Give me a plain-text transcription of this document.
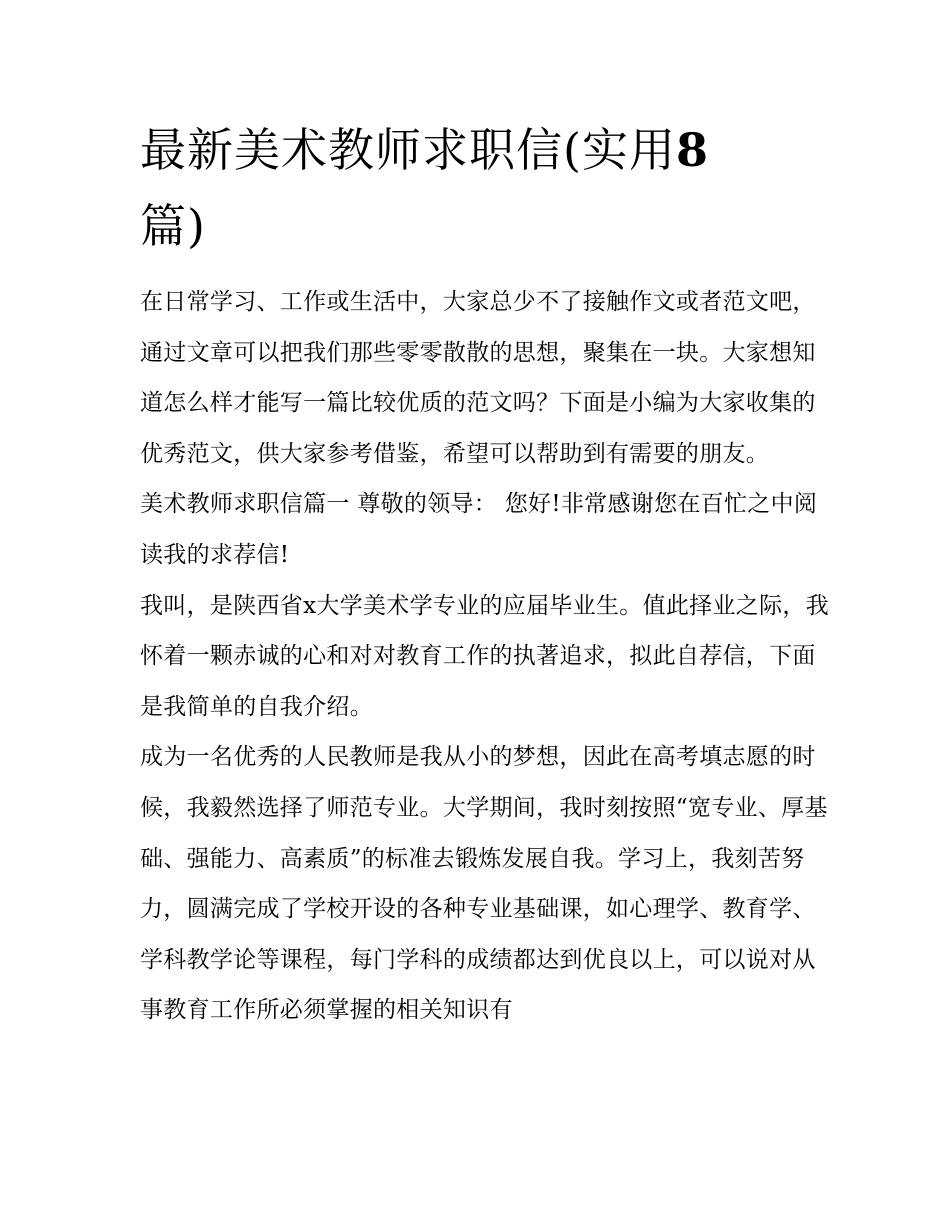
最新美术教师求职信(实用8
篇)

在日常学习、工作或生活中，大家总少不了接触作文或者范文吧，通过文章可以把我们那些零零散散的思想，聚集在一块。大家想知道怎么样才能写一篇比较优质的范文吗？下面是小编为大家收集的优秀范文，供大家参考借鉴，希望可以帮助到有需要的朋友。

美术教师求职信篇一 尊敬的领导： 您好!非常感谢您在百忙之中阅读我的求荐信!

我叫，是陕西省x大学美术学专业的应届毕业生。值此择业之际，我怀着一颗赤诚的心和对对教育工作的执著追求，拟此自荐信，下面是我简单的自我介绍。

成为一名优秀的人民教师是我从小的梦想，因此在高考填志愿的时候，我毅然选择了师范专业。大学期间，我时刻按照“宽专业、厚基础、强能力、高素质”的标准去锻炼发展自我。学习上，我刻苦努力，圆满完成了学校开设的各种专业基础课，如心理学、教育学、学科教学论等课程，每门学科的成绩都达到优良以上，可以说对从事教育工作所必须掌握的相关知识有
